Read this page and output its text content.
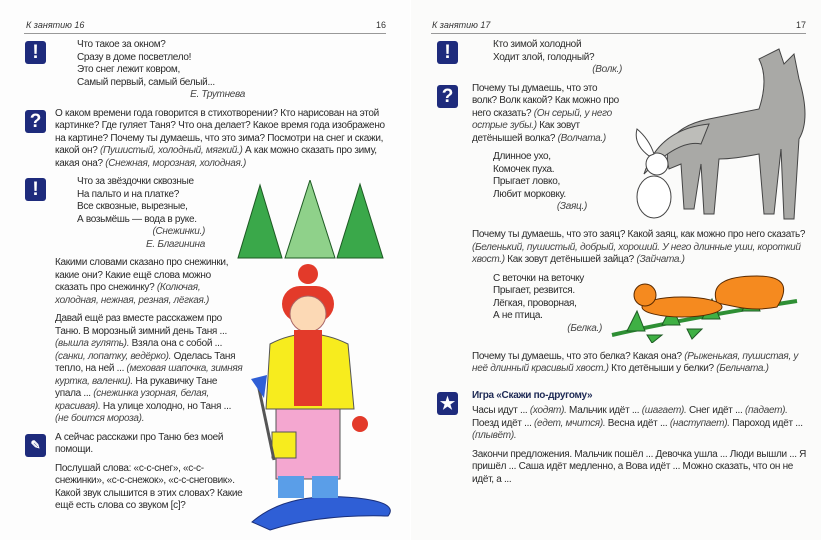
К занятию 16	16
!	Что такое за окном?
Сразу в доме посветлело!
Это снег лежит ковром,
Самый первый, самый белый...
Е. Трутнева
?	О каком времени года говорится в стихотворении? Кто нарисован на этой картинке? Где гуляет Таня? Что она делает? Какое время года изображено на картине? Почему ты думаешь, что это зима? Посмотри на снег и скажи, какой он? (Пушистый, холодный, мягкий.) А как можно сказать про зиму, какая она? (Снежная, морозная, холодная.)
!	Что за звёздочки сквозные
На пальто и на платке?
Все сквозные, вырезные,
А возьмёшь — вода в руке.
(Снежинки.)
Е. Благинина
Какими словами сказано про снежинки, какие они? Какие ещё слова можно сказать про снежинку? (Колючая, холодная, нежная, резная, лёгкая.)
Давай ещё раз вместе расскажем про Таню. В морозный зимний день Таня ... (вышла гулять). Взяла она с собой ... (санки, лопатку, ведёрко). Оделась Таня тепло, на ней ... (меховая шапочка, зимняя куртка, валенки). На рукавичку Тане упала ... (снежинка узорная, белая, красивая). На улице холодно, но Таня ... (не боится мороза).
✎
А сейчас расскажи про Таню без моей помощи.
Послушай слова: «с-с-снег», «с-с-снежинки», «с-с-снежок», «с-с-снеговик». Какой звук слышится в этих словах? Какие ещё есть слова со звуком [с]?
К занятию 17	17
!	Кто зимой холодной
Ходит злой, голодный?
(Волк.)
?	Почему ты думаешь, что это волк? Волк какой? Как можно про него сказать? (Он серый, у него острые зубы.) Как зовут детёнышей волка? (Волчата.)
Длинное ухо,
Комочек пуха.
Прыгает ловко,
Любит морковку.
(Заяц.)
Почему ты думаешь, что это заяц? Какой заяц, как можно про него сказать? (Беленький, пушистый, добрый, хороший. У него длинные уши, короткий хвост.) Как зовут детёнышей зайца? (Зайчата.)
С веточки на веточку
Прыгает, резвится.
Лёгкая, проворная,
А не птица.
(Белка.)
Почему ты думаешь, что это белка? Какая она? (Рыженькая, пушистая, у неё длинный красивый хвост.) Кто детёныши у белки? (Бельчата.)
★ Игра «Скажи по-другому»
Часы идут ... (ходят). Мальчик идёт ... (шагает). Снег идёт ... (падает). Поезд идёт ... (едет, мчится). Весна идёт ... (наступает). Пароход идёт ... (плывёт).
Закончи предложения. Мальчик пошёл ... Девочка ушла ... Люди вышли ... Я пришёл ... Саша идёт медленно, а Вова идёт ... Можно сказать, что он не идёт, а ...
